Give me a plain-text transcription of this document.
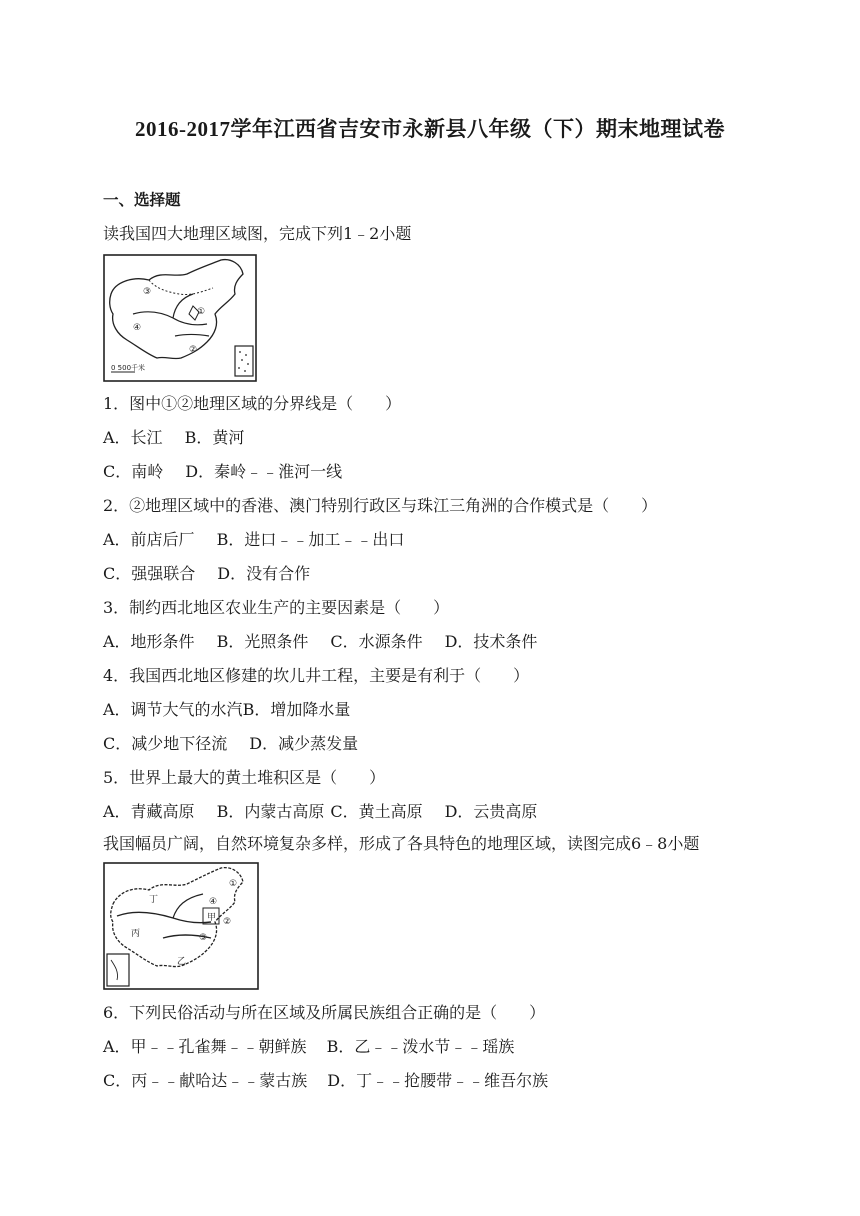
2016-2017学年江西省吉安市永新县八年级（下）期末地理试卷
一、选择题
读我国四大地理区域图，完成下列1﹣2小题
③
①
④
②
0 500千米
1．图中①②地理区域的分界线是（　　）
A．长江 B．黄河
C．南岭 D．秦岭﹣﹣淮河一线
2．②地理区域中的香港、澳门特别行政区与珠江三角洲的合作模式是（　　）
A．前店后厂 B．进口﹣﹣加工﹣﹣出口
C．强强联合 D．没有合作
3．制约西北地区农业生产的主要因素是（　　）
A．地形条件 B．光照条件 C．水源条件 D．技术条件
4．我国西北地区修建的坎儿井工程，主要是有利于（　　）
A．调节大气的水汽B．增加降水量
C．减少地下径流 D．减少蒸发量
5．世界上最大的黄土堆积区是（　　）
A．青藏高原 B．内蒙古高原 C．黄土高原 D．云贵高原
我国幅员广阔，自然环境复杂多样，形成了各具特色的地理区域，读图完成6﹣8小题
丁
甲
丙
乙
①
②
③
④
6．下列民俗活动与所在区域及所属民族组合正确的是（　　）
A．甲﹣﹣孔雀舞﹣﹣朝鲜族 B．乙﹣﹣泼水节﹣﹣瑶族
C．丙﹣﹣献哈达﹣﹣蒙古族 D．丁﹣﹣抢腰带﹣﹣维吾尔族
